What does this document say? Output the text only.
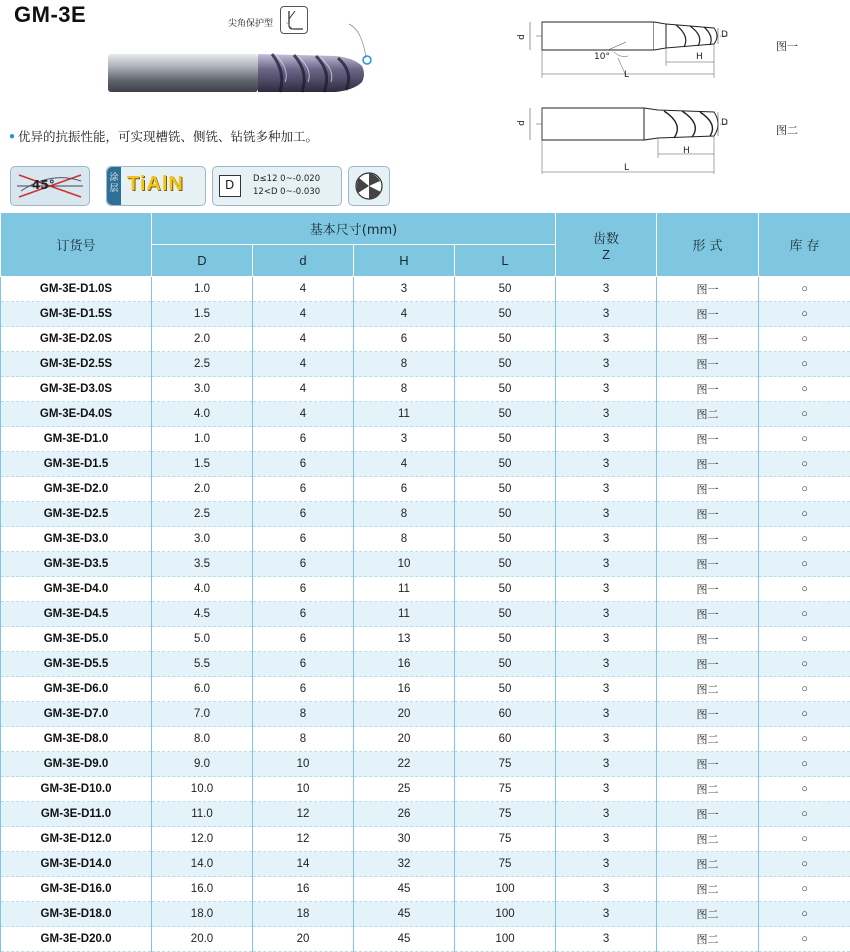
GM-3E	尖角保护型
• 优异的抗振性能，可实现槽铣、侧铣、钻铣多种加工。
45°	涂层 TiAlN	D D≤12 0~-0.020
12<D 0~-0.030
d	D
H
L
10°
图一
d	D
H
L
图二
订货号	基本尺寸(mm)				齿数
Z	形 式	库 存
	D	d	H	L			
GM-3E-D1.0S	1.0	4	3	50	3	图一	○
GM-3E-D1.5S	1.5	4	4	50	3	图一	○
GM-3E-D2.0S	2.0	4	6	50	3	图一	○
GM-3E-D2.5S	2.5	4	8	50	3	图一	○
GM-3E-D3.0S	3.0	4	8	50	3	图一	○
GM-3E-D4.0S	4.0	4	11	50	3	图二	○
GM-3E-D1.0	1.0	6	3	50	3	图一	○
GM-3E-D1.5	1.5	6	4	50	3	图一	○
GM-3E-D2.0	2.0	6	6	50	3	图一	○
GM-3E-D2.5	2.5	6	8	50	3	图一	○
GM-3E-D3.0	3.0	6	8	50	3	图一	○
GM-3E-D3.5	3.5	6	10	50	3	图一	○
GM-3E-D4.0	4.0	6	11	50	3	图一	○
GM-3E-D4.5	4.5	6	11	50	3	图一	○
GM-3E-D5.0	5.0	6	13	50	3	图一	○
GM-3E-D5.5	5.5	6	16	50	3	图一	○
GM-3E-D6.0	6.0	6	16	50	3	图二	○
GM-3E-D7.0	7.0	8	20	60	3	图一	○
GM-3E-D8.0	8.0	8	20	60	3	图二	○
GM-3E-D9.0	9.0	10	22	75	3	图一	○
GM-3E-D10.0	10.0	10	25	75	3	图二	○
GM-3E-D11.0	11.0	12	26	75	3	图一	○
GM-3E-D12.0	12.0	12	30	75	3	图二	○
GM-3E-D14.0	14.0	14	32	75	3	图二	○
GM-3E-D16.0	16.0	16	45	100	3	图二	○
GM-3E-D18.0	18.0	18	45	100	3	图二	○
GM-3E-D20.0	20.0	20	45	100	3	图二	○
